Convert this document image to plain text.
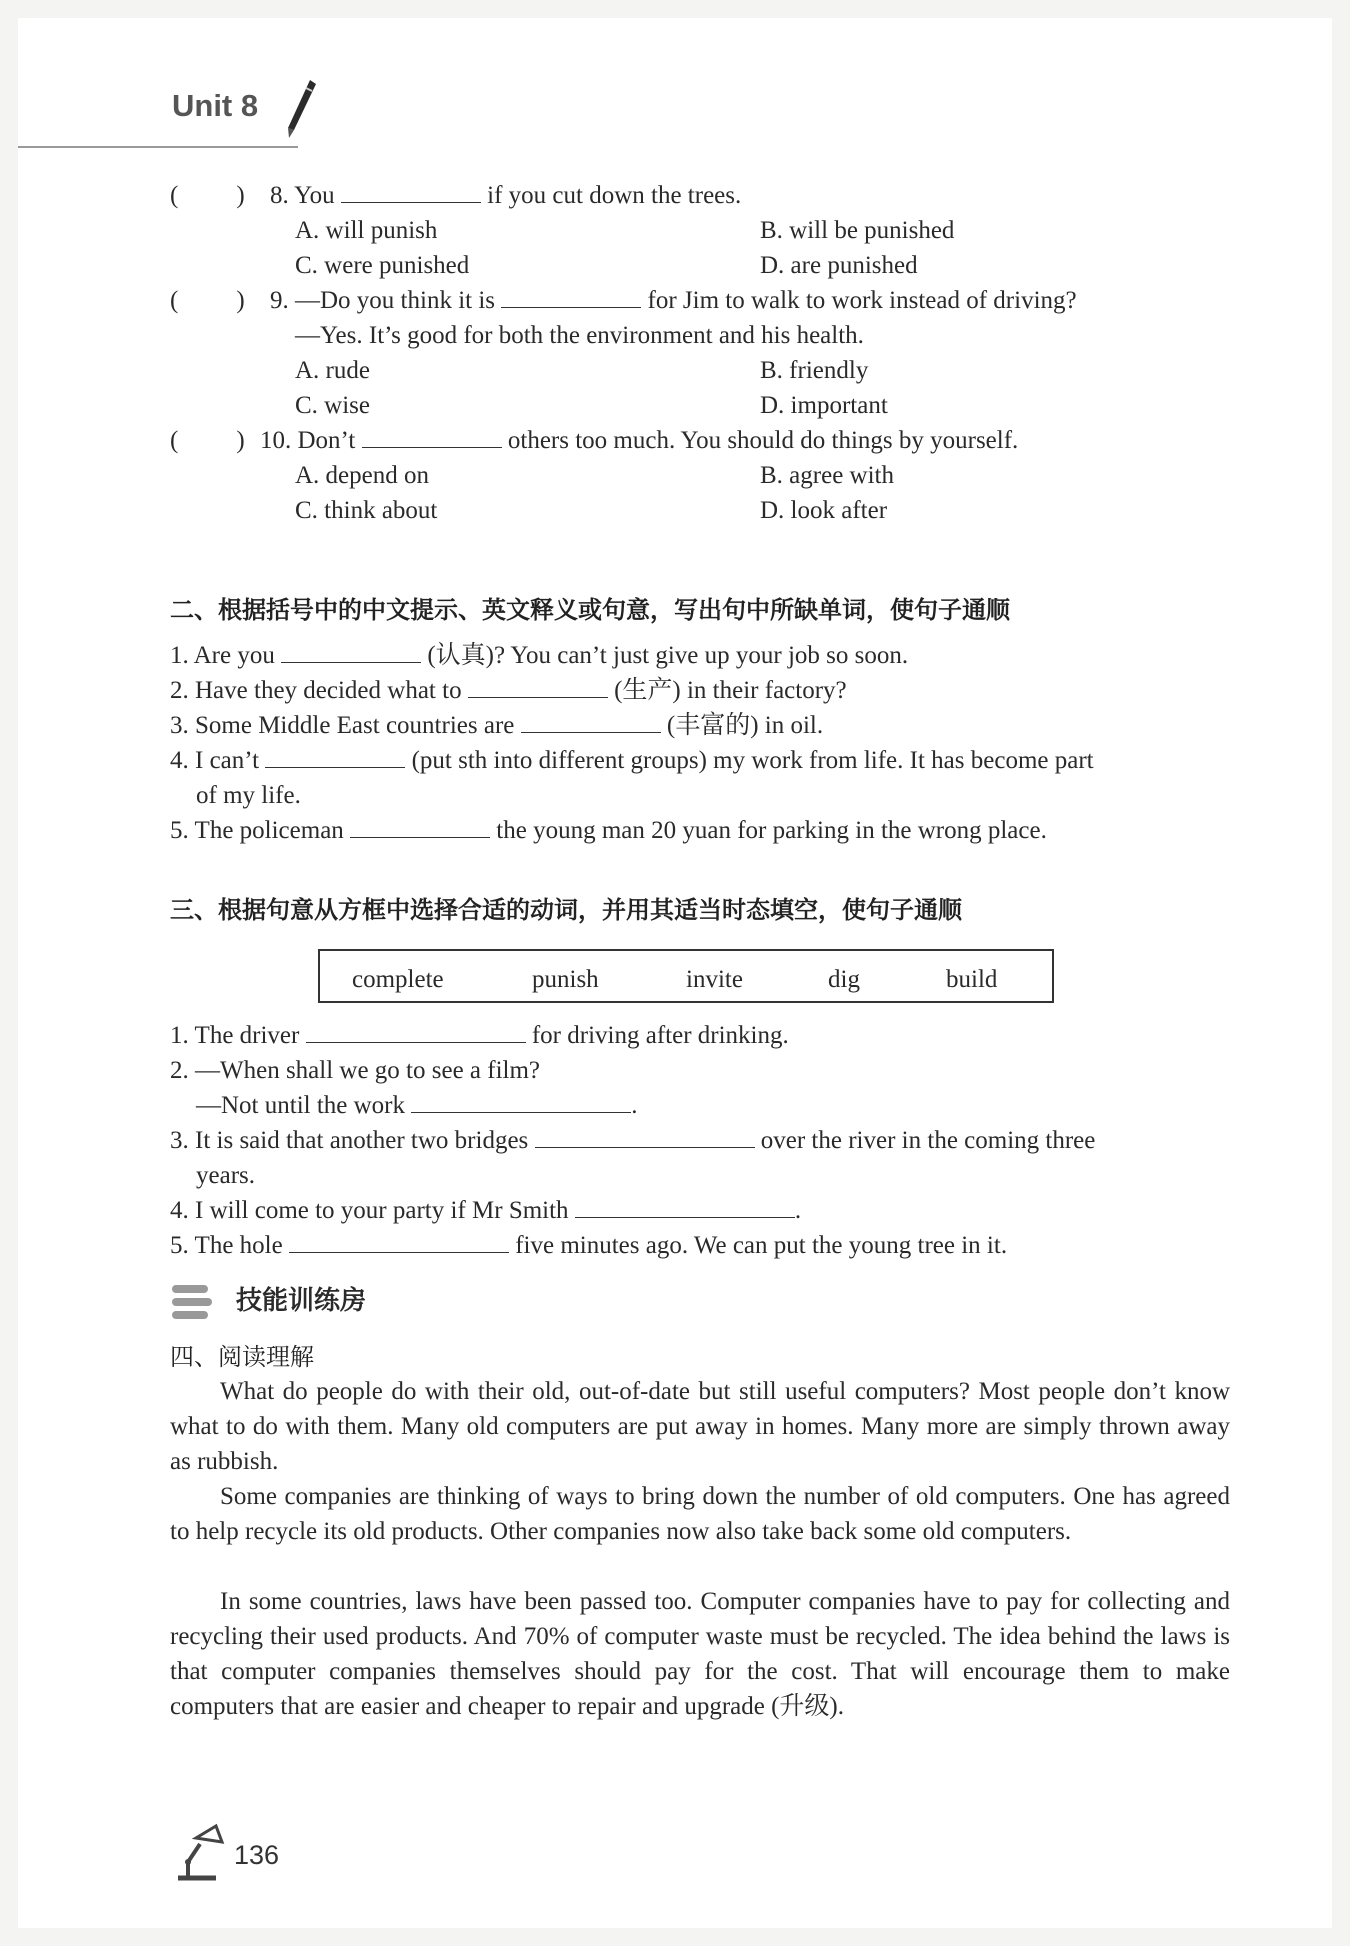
Unit 8
( ) 8. You	if you cut down the trees.
A. will punish	B. will be punished
C. were punished	D. are punished
( ) 9. —Do you think it is	for Jim to walk to work instead of driving?
—Yes. It’s good for both the environment and his health.
A. rude	B. friendly
C. wise	D. important
( ) 10. Don’t	others too much. You should do things by yourself.
A. depend on	B. agree with
C. think about	D. look after
二、根据括号中的中文提示、英文释义或句意，写出句中所缺单词，使句子通顺
1. Are you	(认真)? You can’t just give up your job so soon.
2. Have they decided what to	(生产) in their factory?
3. Some Middle East countries are	(丰富的) in oil.
4. I can’t	(put sth into different groups) my work from life. It has become part
of my life.
5. The policeman	the young man 20 yuan for parking in the wrong place.
三、根据句意从方框中选择合适的动词，并用其适当时态填空，使句子通顺
complete	punish	invite	dig	build
1. The driver	for driving after drinking.
2. —When shall we go to see a film?
—Not until the work	.
3. It is said that another two bridges	over the river in the coming three
years.
4. I will come to your party if Mr Smith	.
5. The hole	five minutes ago. We can put the young tree in it.
技能训练房
四、阅读理解

What do people do with their old, out-of-date but still useful computers? Most people don’t know what to do with them. Many old computers are put away in homes. Many more are simply thrown away as rubbish.

Some companies are thinking of ways to bring down the number of old computers. One has agreed to help recycle its old products. Other companies now also take back some old computers.

In some countries, laws have been passed too. Computer companies have to pay for collecting and recycling their used products. And 70% of computer waste must be recycled. The idea behind the laws is that computer companies themselves should pay for the cost. That will encourage them to make computers that are easier and cheaper to repair and upgrade (升级).

136
